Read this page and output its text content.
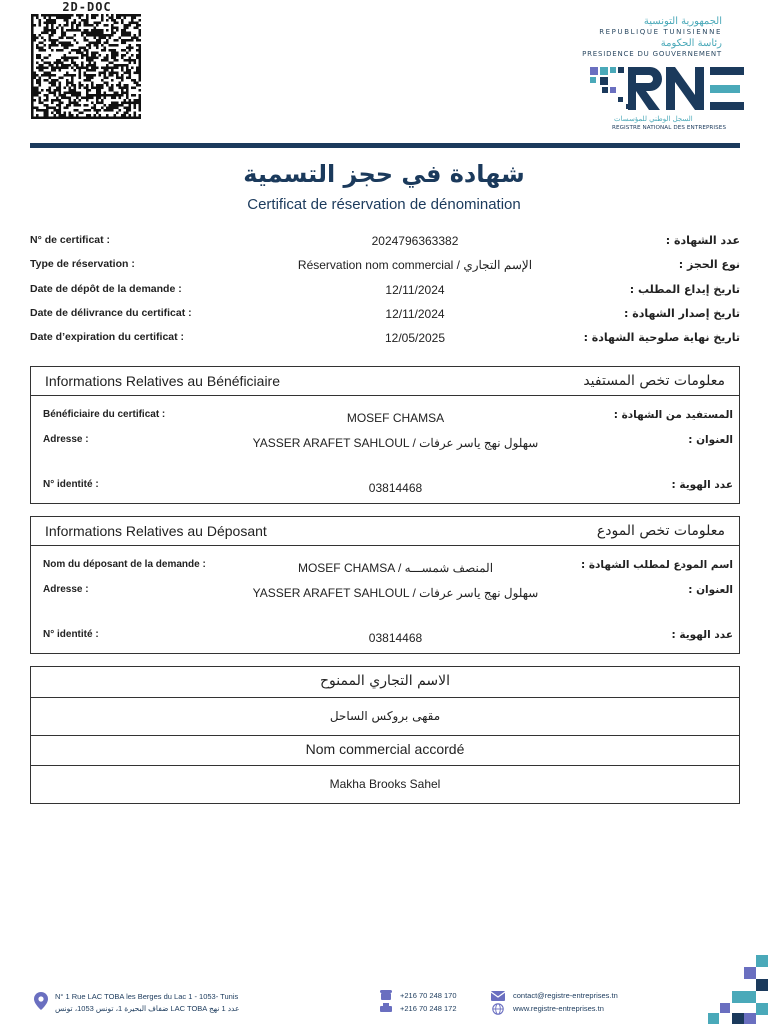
2D-DOC
الجمهورية التونسية
REPUBLIQUE TUNISIENNE
رئاسة الحكومة
PRESIDENCE DU GOUVERNEMENT
السجل الوطني للمؤسسات
REGISTRE NATIONAL DES ENTREPRISES
شهادة في حجز التسمية
Certificat de réservation de dénomination
N° de certificat :	2024796363382	عدد الشهادة :
Type de réservation :	Réservation nom commercial / الإسم التجاري	نوع الحجز :
Date de dépôt de la demande :	12/11/2024	تاريخ إيداع المطلب :
Date de délivrance du certificat :	12/11/2024	تاريخ إصدار الشهادة :
Date d’expiration du certificat :	12/05/2025	تاريخ نهاية صلوحية الشهادة :
Informations Relatives au Bénéficiaire	معلومات تخص المستفيد
Bénéficiaire du certificat :	MOSEF CHAMSA	المستفيد من الشهادة :
Adresse :	YASSER ARAFET SAHLOUL / سهلول نهج ياسر عرفات	العنوان :
N° identité :	03814468	عدد الهوية :
Informations Relatives au Déposant	معلومات تخص المودع
Nom du déposant de la demande :	MOSEF CHAMSA / المنصف شمســـه	اسم المودع لمطلب الشهادة :
Adresse :	YASSER ARAFET SAHLOUL / سهلول نهج ياسر عرفات	العنوان :
N° identité :	03814468	عدد الهوية :
الاسم التجاري الممنوح
مقهى بروكس الساحل
Nom commercial accordé
Makha Brooks Sahel
N° 1 Rue LAC TOBA les Berges du Lac 1 - 1053- Tunis
ضفاف البحيرة 1، تونس 1053، تونس LAC TOBA عدد 1 نهج
+216 70 248 170
+216 70 248 172
contact@registre-entreprises.tn
www.registre-entreprises.tn
